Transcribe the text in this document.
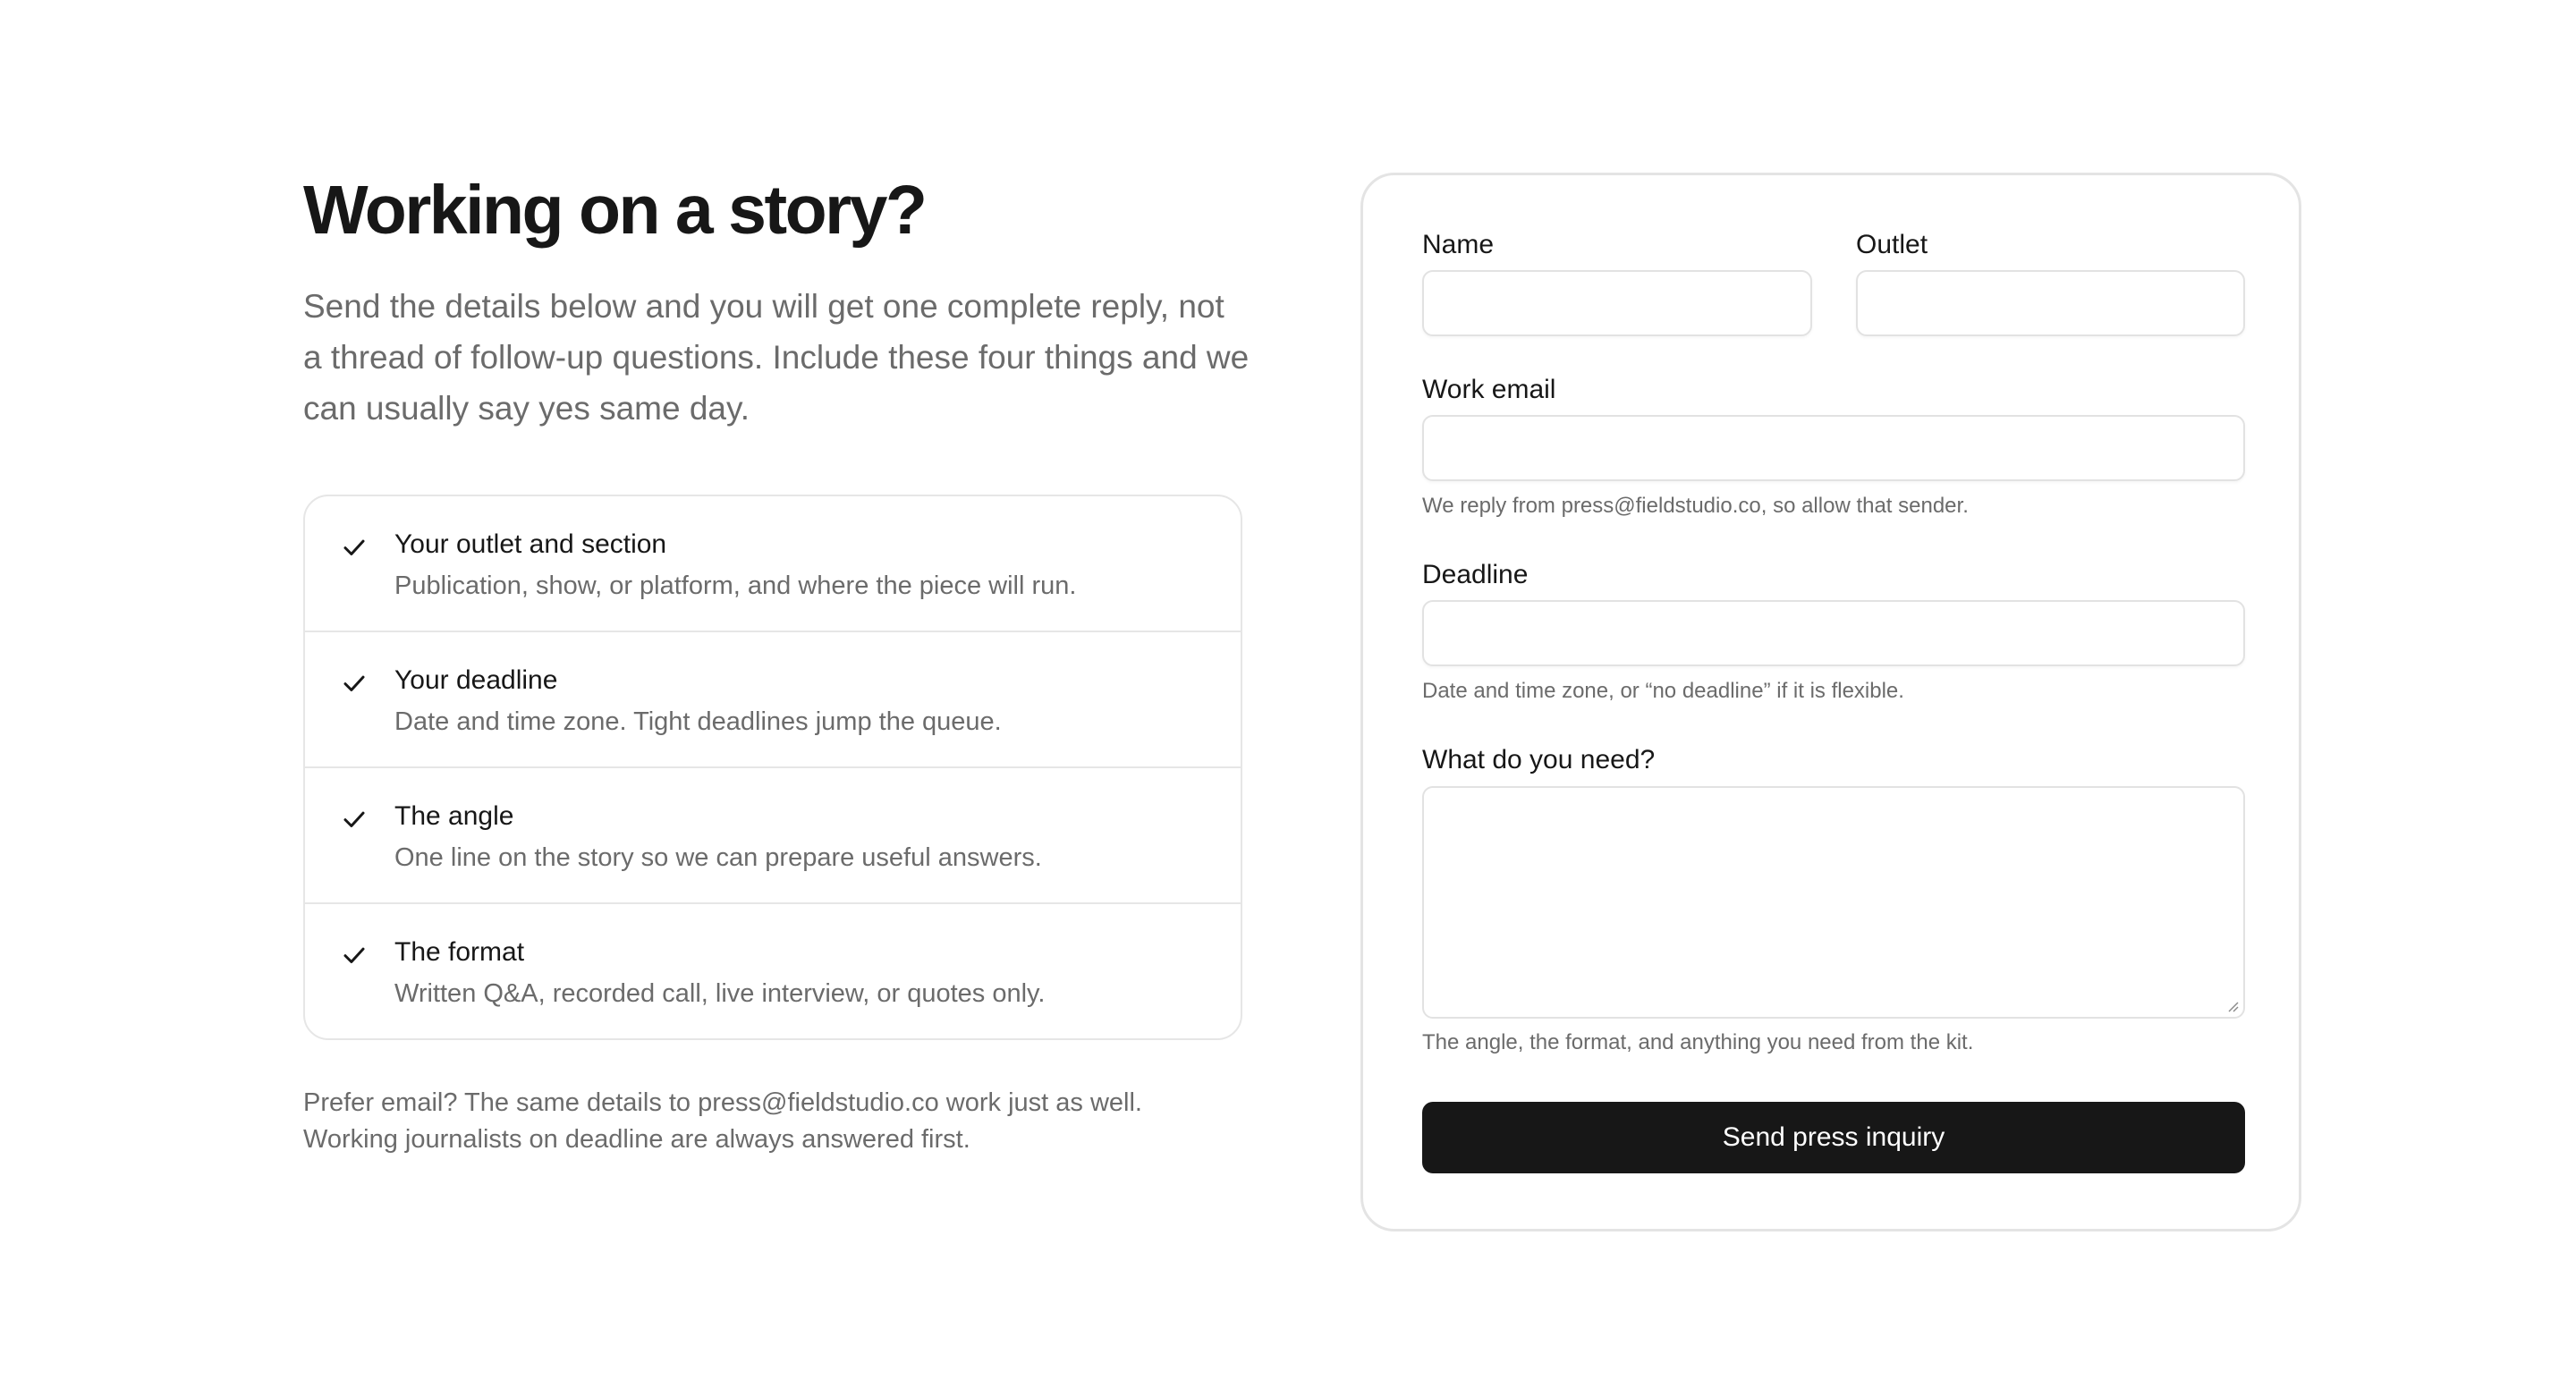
Working on a story?

Send the details below and you will get one complete reply, not a thread of follow-up questions. Include these four things and we can usually say yes same day.

Your outlet and section
Publication, show, or platform, and where the piece will run.
Your deadline
Date and time zone. Tight deadlines jump the queue.
The angle
One line on the story so we can prepare useful answers.
The format
Written Q&A, recorded call, live interview, or quotes only.
Prefer email? The same details to press@fieldstudio.co work just as well.
Working journalists on deadline are always answered first.
Name	Outlet
Work email
We reply from press@fieldstudio.co, so allow that sender.
Deadline
Date and time zone, or “no deadline” if it is flexible.
What do you need?
The angle, the format, and anything you need from the kit.
Send press inquiry
